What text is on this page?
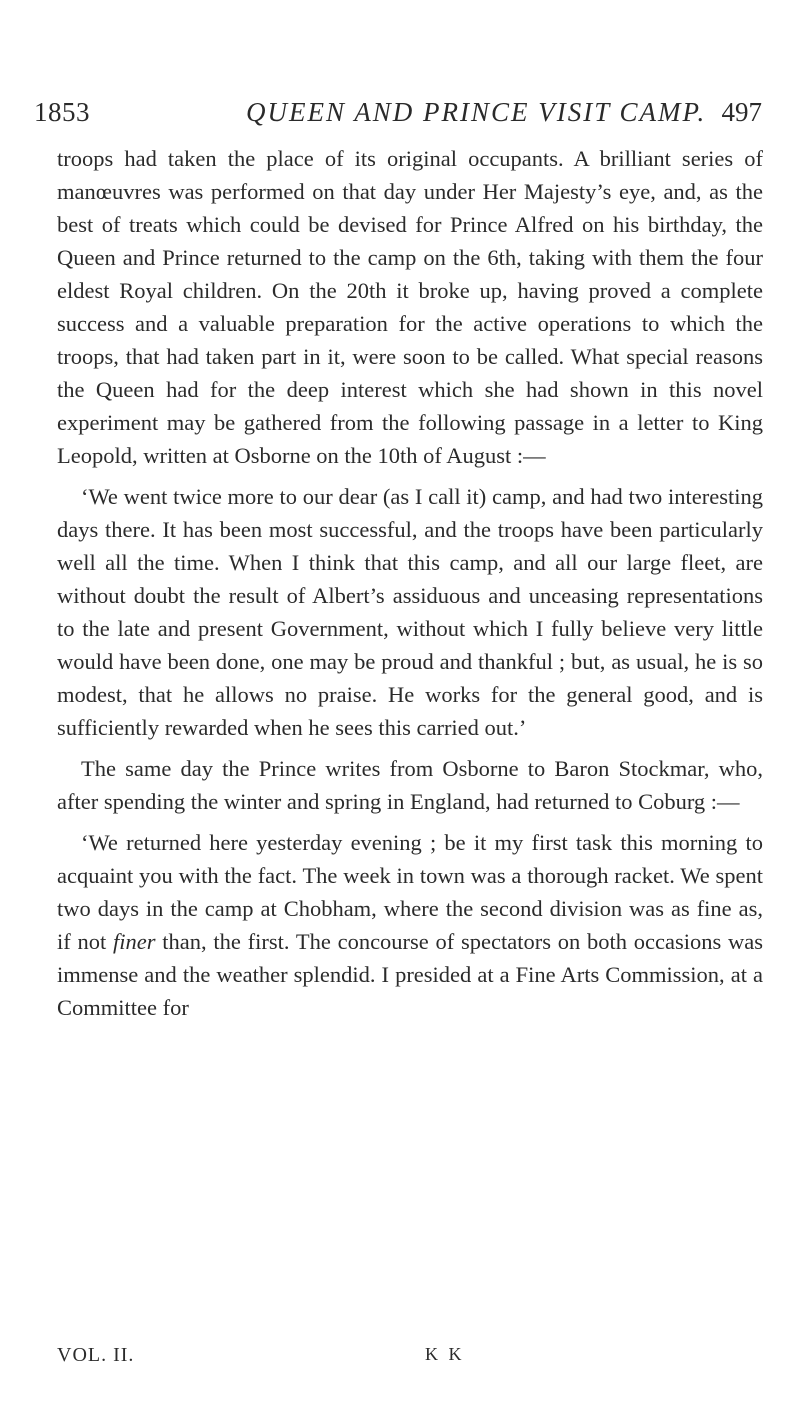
1853	QUEEN AND PRINCE VISIT CAMP. 497

troops had taken the place of its original occupants. A brilliant series of manœuvres was performed on that day under Her Majesty’s eye, and, as the best of treats which could be devised for Prince Alfred on his birthday, the Queen and Prince returned to the camp on the 6th, taking with them the four eldest Royal children. On the 20th it broke up, having proved a complete success and a valuable preparation for the active operations to which the troops, that had taken part in it, were soon to be called. What special reasons the Queen had for the deep interest which she had shown in this novel experiment may be gathered from the following passage in a letter to King Leopold, written at Osborne on the 10th of August :—

‘We went twice more to our dear (as I call it) camp, and had two interesting days there. It has been most successful, and the troops have been particularly well all the time. When I think that this camp, and all our large fleet, are without doubt the result of Albert’s assiduous and unceasing representations to the late and present Government, without which I fully believe very little would have been done, one may be proud and thankful ; but, as usual, he is so modest, that he allows no praise. He works for the general good, and is sufficiently rewarded when he sees this carried out.’

The same day the Prince writes from Osborne to Baron Stockmar, who, after spending the winter and spring in England, had returned to Coburg :—

‘We returned here yesterday evening ; be it my first task this morning to acquaint you with the fact. The week in town was a thorough racket. We spent two days in the camp at Chobham, where the second division was as fine as, if not finer than, the first. The concourse of spectators on both occasions was immense and the weather splendid. I presided at a Fine Arts Commission, at a Committee for

VOL. II.	K K
